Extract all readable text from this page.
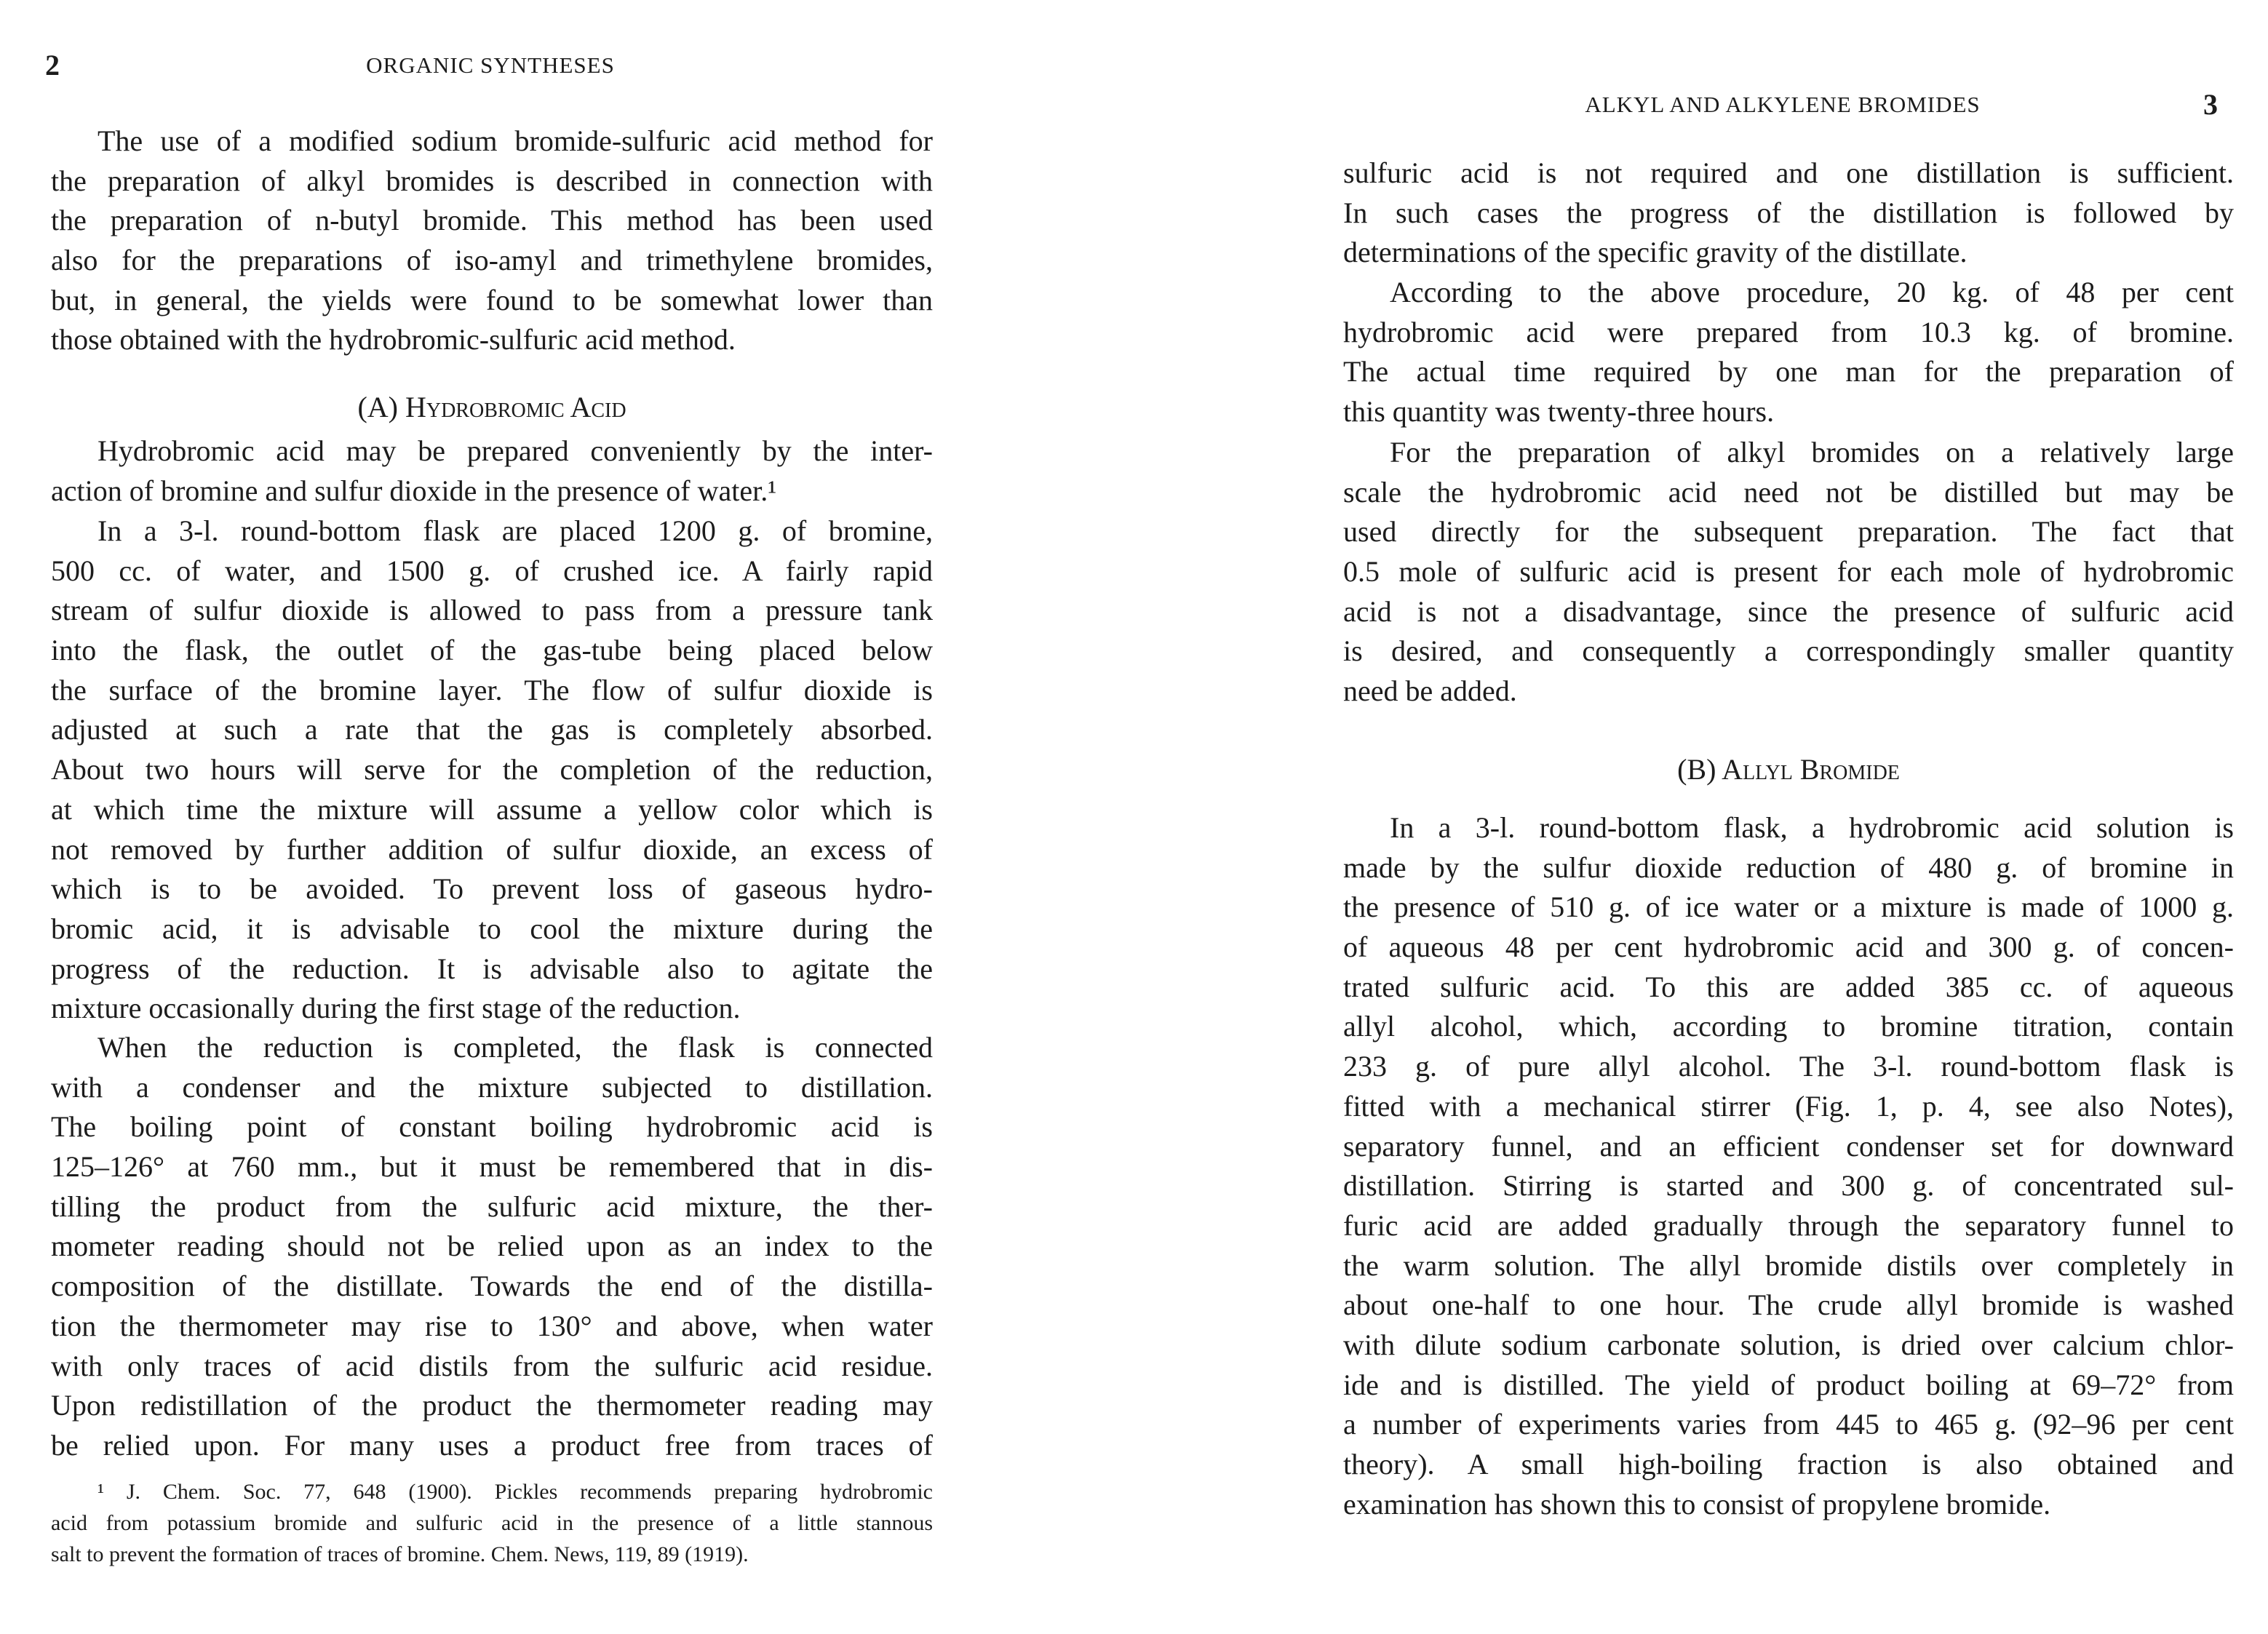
2	ORGANIC SYNTHESES
ALKYL AND ALKYLENE BROMIDES	3
The use of a modified sodium bromide-sulfuric acid method for
the preparation of alkyl bromides is described in connection with
the preparation of n-butyl bromide. This method has been used
also for the preparations of iso-amyl and trimethylene bromides,
but, in general, the yields were found to be somewhat lower than
those obtained with the hydrobromic-sulfuric acid method.
(A) Hydrobromic Acid
Hydrobromic acid may be prepared conveniently by the inter-
action of bromine and sulfur dioxide in the presence of water.¹
In a 3-l. round-bottom flask are placed 1200 g. of bromine,
500 cc. of water, and 1500 g. of crushed ice. A fairly rapid
stream of sulfur dioxide is allowed to pass from a pressure tank
into the flask, the outlet of the gas-tube being placed below
the surface of the bromine layer. The flow of sulfur dioxide is
adjusted at such a rate that the gas is completely absorbed.
About two hours will serve for the completion of the reduction,
at which time the mixture will assume a yellow color which is
not removed by further addition of sulfur dioxide, an excess of
which is to be avoided. To prevent loss of gaseous hydro-
bromic acid, it is advisable to cool the mixture during the
progress of the reduction. It is advisable also to agitate the
mixture occasionally during the first stage of the reduction.
When the reduction is completed, the flask is connected
with a condenser and the mixture subjected to distillation.
The boiling point of constant boiling hydrobromic acid is
125–126° at 760 mm., but it must be remembered that in dis-
tilling the product from the sulfuric acid mixture, the ther-
mometer reading should not be relied upon as an index to the
composition of the distillate. Towards the end of the distilla-
tion the thermometer may rise to 130° and above, when water
with only traces of acid distils from the sulfuric acid residue.
Upon redistillation of the product the thermometer reading may
be relied upon. For many uses a product free from traces of
¹ J. Chem. Soc. 77, 648 (1900). Pickles recommends preparing hydrobromic
acid from potassium bromide and sulfuric acid in the presence of a little stannous
salt to prevent the formation of traces of bromine. Chem. News, 119, 89 (1919).
sulfuric acid is not required and one distillation is sufficient.
In such cases the progress of the distillation is followed by
determinations of the specific gravity of the distillate.
According to the above procedure, 20 kg. of 48 per cent
hydrobromic acid were prepared from 10.3 kg. of bromine.
The actual time required by one man for the preparation of
this quantity was twenty-three hours.
For the preparation of alkyl bromides on a relatively large
scale the hydrobromic acid need not be distilled but may be
used directly for the subsequent preparation. The fact that
0.5 mole of sulfuric acid is present for each mole of hydrobromic
acid is not a disadvantage, since the presence of sulfuric acid
is desired, and consequently a correspondingly smaller quantity
need be added.
(B) Allyl Bromide
In a 3-l. round-bottom flask, a hydrobromic acid solution is
made by the sulfur dioxide reduction of 480 g. of bromine in
the presence of 510 g. of ice water or a mixture is made of 1000 g.
of aqueous 48 per cent hydrobromic acid and 300 g. of concen-
trated sulfuric acid. To this are added 385 cc. of aqueous
allyl alcohol, which, according to bromine titration, contain
233 g. of pure allyl alcohol. The 3-l. round-bottom flask is
fitted with a mechanical stirrer (Fig. 1, p. 4, see also Notes),
separatory funnel, and an efficient condenser set for downward
distillation. Stirring is started and 300 g. of concentrated sul-
furic acid are added gradually through the separatory funnel to
the warm solution. The allyl bromide distils over completely in
about one-half to one hour. The crude allyl bromide is washed
with dilute sodium carbonate solution, is dried over calcium chlor-
ide and is distilled. The yield of product boiling at 69–72° from
a number of experiments varies from 445 to 465 g. (92–96 per cent
theory). A small high-boiling fraction is also obtained and
examination has shown this to consist of propylene bromide.
